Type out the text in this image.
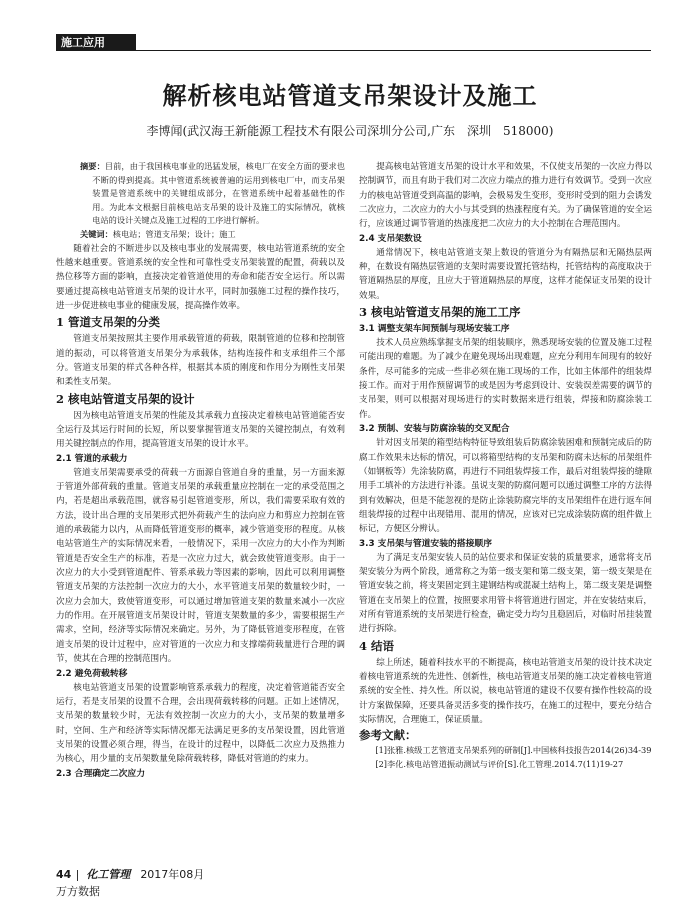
施工应用
解析核电站管道支吊架设计及施工
李博闻(武汉海王新能源工程技术有限公司深圳分公司,广东　深圳　518000)

摘要：目前，由于我国核电事业的迅猛发展，核电厂在安全方面的要求也不断的得到提高。其中管道系统被普遍的运用到核电厂中，而支吊架装置是管道系统中的关键组成部分，在管道系统中起着基础性的作用。为此本文根据目前核电站支吊架的设计及施工的实际情况，就核电站的设计关键点及施工过程的工序进行解析。

关键词：核电站；管道支吊架；设计；施工

随着社会的不断进步以及核电事业的发展需要，核电站管道系统的安全性越来越重要。管道系统的安全性和可靠性受支吊架装置的配置，荷载以及热位移等方面的影响，直接决定着管道使用的寿命和能否安全运行。所以需要通过提高核电站管道支吊架的设计水平，同时加强施工过程的操作技巧，进一步促进核电事业的健康发展，提高操作效率。

1 管道支吊架的分类

管道支吊架按照其主要作用承载管道的荷载，限制管道的位移和控制管道的振动，可以将管道支吊架分为承载体，结构连接件和支承组件三个部分。管道支吊架的样式各种各样，根据其本质的刚度和作用分为刚性支吊架和柔性支吊架。

2 核电站管道支吊架的设计

因为核电站管道支吊架的性能及其承载力直接决定着核电站管道能否安全运行及其运行时间的长短，所以要掌握管道支吊架的关键控制点，有效利用关键控制点的作用，提高管道支吊架的设计水平。

2.1 管道的承载力

管道支吊架需要承受的荷载一方面源自管道自身的重量，另一方面来源于管道外部荷载的重量。管道支吊架的承载重量应控制在一定的承受范围之内，若是超出承载范围，就容易引起管道变形，所以，我们需要采取有效的方法，设计出合理的支吊架形式把外荷载产生的法向应力和剪应力控制在管道的承载能力以内，从而降低管道变形的概率，减少管道变形的程度。从核电站管道生产的实际情况来看，一般情况下，采用一次应力的大小作为判断管道是否安全生产的标准，若是一次应力过大，就会致使管道变形。由于一次应力的大小受到管道配件、管系承载力等因素的影响，因此可以利用调整管道支吊架的方法控制一次应力的大小，水平管道支吊架的数量较少时，一次应力会加大，致使管道变形，可以通过增加管道支架的数量来减小一次应力的作用。在开展管道支吊架设计时，管道支架数量的多少，需要根据生产需求，空间，经济等实际情况来确定。另外，为了降低管道变形程度，在管道支吊架的设计过程中，应对管道的一次应力和支撑端荷载量进行合理的调节，使其在合理的控制范围内。

2.2 避免荷载转移

核电站管道支吊架的设置影响管系承载力的程度，决定着管道能否安全运行，若是支吊架的设置不合理，会出现荷载转移的问题。正如上述情况，支吊架的数量较少时，无法有效控制一次应力的大小，支吊架的数量增多时，空间、生产和经济等实际情况都无法满足更多的支吊架设置，因此管道支吊架的设置必须合理，得当，在设计的过程中，以降低二次应力及热推力为核心，用少量的支吊架数量免除荷载转移，降低对管道的约束力。

2.3 合理确定二次应力

提高核电站管道支吊架的设计水平和效果，不仅使支吊架的一次应力得以控制调节，而且有助于我们对二次应力端点的推力进行有效调节。受到一次应力的核电站管道受到高温的影响，会极易发生变形，变形时受到的阻力会诱发二次应力，二次应力的大小与其受到的热涨程度有关。为了确保管道的安全运行，应该通过调节管道的热涨度把二次应力的大小控制在合理范围内。

2.4 支吊架数设

通常情况下，核电站管道支架上数设的管道分为有隔热层和无隔热层两种，在数设有隔热层管道的支架时需要设置托管结构，托管结构的高度取决于管道隔热层的厚度，且应大于管道隔热层的厚度，这样才能保证支吊架的设计效果。

3 核电站管道支吊架的施工工序
3.1 调整支架车间预制与现场安装工序

技术人员应熟练掌握支吊架的组装顺序，熟悉现场安装的位置及施工过程可能出现的难题。为了减少在避免现场出现难题，应充分利用车间现有的较好条件，尽可能多的完成一些非必须在施工现场的工作，比如主体部件的组装焊接工作。而对于用作预留调节的或是因为考虑到设计、安装误差需要的调节的支吊架，则可以根据对现场进行的实时数据来进行组装，焊接和防腐涂装工作。

3.2 预制、安装与防腐涂装的交叉配合

针对因支吊架的箱型结构特征导致组装后防腐涂装困难和预制完成后的防腐工作效果未达标的情况，可以将箱型结构的支吊架和防腐未达标的吊架组件（如钢板等）先涂装防腐，再进行不同组装焊接工作，最后对组装焊接的缝隙用手工填补的方法进行补漆。虽说支架的防腐问题可以通过调整工序的方法得到有效解决，但是不能忽视的是防止涂装防腐完毕的支吊架组件在进行返车间组装焊接的过程中出现错用、混用的情况，应该对已完成涂装防腐的组件做上标记，方便区分辨认。

3.3 支吊架与管道安装的搭接顺序

为了满足支吊架安装人员的站位要求和保证安装的质量要求，通常将支吊架安装分为两个阶段，通常称之为第一级支架和第二级支架，第一级支架是在管道安装之前，将支架固定到主建钢结构或混凝土结构上，第二级支架是调整管道在支吊架上的位置，按照要求用管卡将管道进行固定，并在安装结束后，对所有管道系统的支吊架进行检查，确定受力均匀且稳固后，对临时吊挂装置进行拆除。

4 结语

综上所述，随着科技水平的不断提高，核电站管道支吊架的设计技术决定着核电管道系统的先进性、创新性，核电站管道支吊架的施工决定着核电管道系统的安全性、持久性。所以说，核电站管道的建设不仅要有操作性较高的设计方案做保障，还要具备灵活多变的操作技巧，在施工的过程中，要充分结合实际情况，合理施工，保证质量。

参考文献：

[1]张雅.核级工艺管道支吊架系列的研制[J].中国核科技报告2014(26)34-39

[2]李化.核电站管道振动测试与评价[S].化工管理.2014.7(11)19-27

44 化工管理 2017年08月
万方数据
